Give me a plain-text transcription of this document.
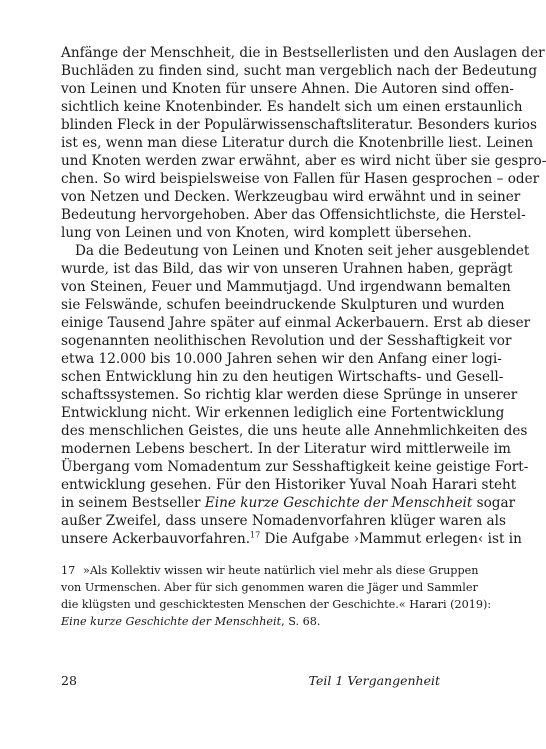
Anfänge der Menschheit, die in Bestsellerlisten und den Auslagen der
Buchläden zu finden sind, sucht man vergeblich nach der Bedeutung
von Leinen und Knoten für unsere Ahnen. Die Autoren sind offen-
sichtlich keine Knotenbinder. Es handelt sich um einen erstaunlich
blinden Fleck in der Populärwissenschaftsliteratur. Besonders kurios
ist es, wenn man diese Literatur durch die Knotenbrille liest. Leinen
und Knoten werden zwar erwähnt, aber es wird nicht über sie gespro-
chen. So wird beispielsweise von Fallen für Hasen gesprochen – oder
von Netzen und Decken. Werkzeugbau wird erwähnt und in seiner
Bedeutung hervorgehoben. Aber das Offensichtlichste, die Herstel-
lung von Leinen und von Knoten, wird komplett übersehen.
Da die Bedeutung von Leinen und Knoten seit jeher ausgeblendet
wurde, ist das Bild, das wir von unseren Urahnen haben, geprägt
von Steinen, Feuer und Mammutjagd. Und irgendwann bemalten
sie Felswände, schufen beeindruckende Skulpturen und wurden
einige Tausend Jahre später auf einmal Ackerbauern. Erst ab dieser
sogenannten neolithischen Revolution und der Sesshaftigkeit vor
etwa 12.000 bis 10.000 Jahren sehen wir den Anfang einer logi-
schen Entwicklung hin zu den heutigen Wirtschafts- und Gesell-
schaftssystemen. So richtig klar werden diese Sprünge in unserer
Entwicklung nicht. Wir erkennen lediglich eine Fortentwicklung
des menschlichen Geistes, die uns heute alle Annehmlichkeiten des
modernen Lebens beschert. In der Literatur wird mittlerweile im
Übergang vom Nomadentum zur Sesshaftigkeit keine geistige Fort-
entwicklung gesehen. Für den Historiker Yuval Noah Harari steht
in seinem Bestseller Eine kurze Geschichte der Menschheit sogar
außer Zweifel, dass unsere Nomadenvorfahren klüger waren als
unsere Ackerbauvorfahren.$^{17}$ Die Aufgabe ›Mammut erlegen‹ ist in
17 »Als Kollektiv wissen wir heute natürlich viel mehr als diese Gruppen
von Urmenschen. Aber für sich genommen waren die Jäger und Sammler
die klügsten und geschicktesten Menschen der Geschichte.« Harari (2019):
Eine kurze Geschichte der Menschheit, S. 68.
28	Teil 1 Vergangenheit
